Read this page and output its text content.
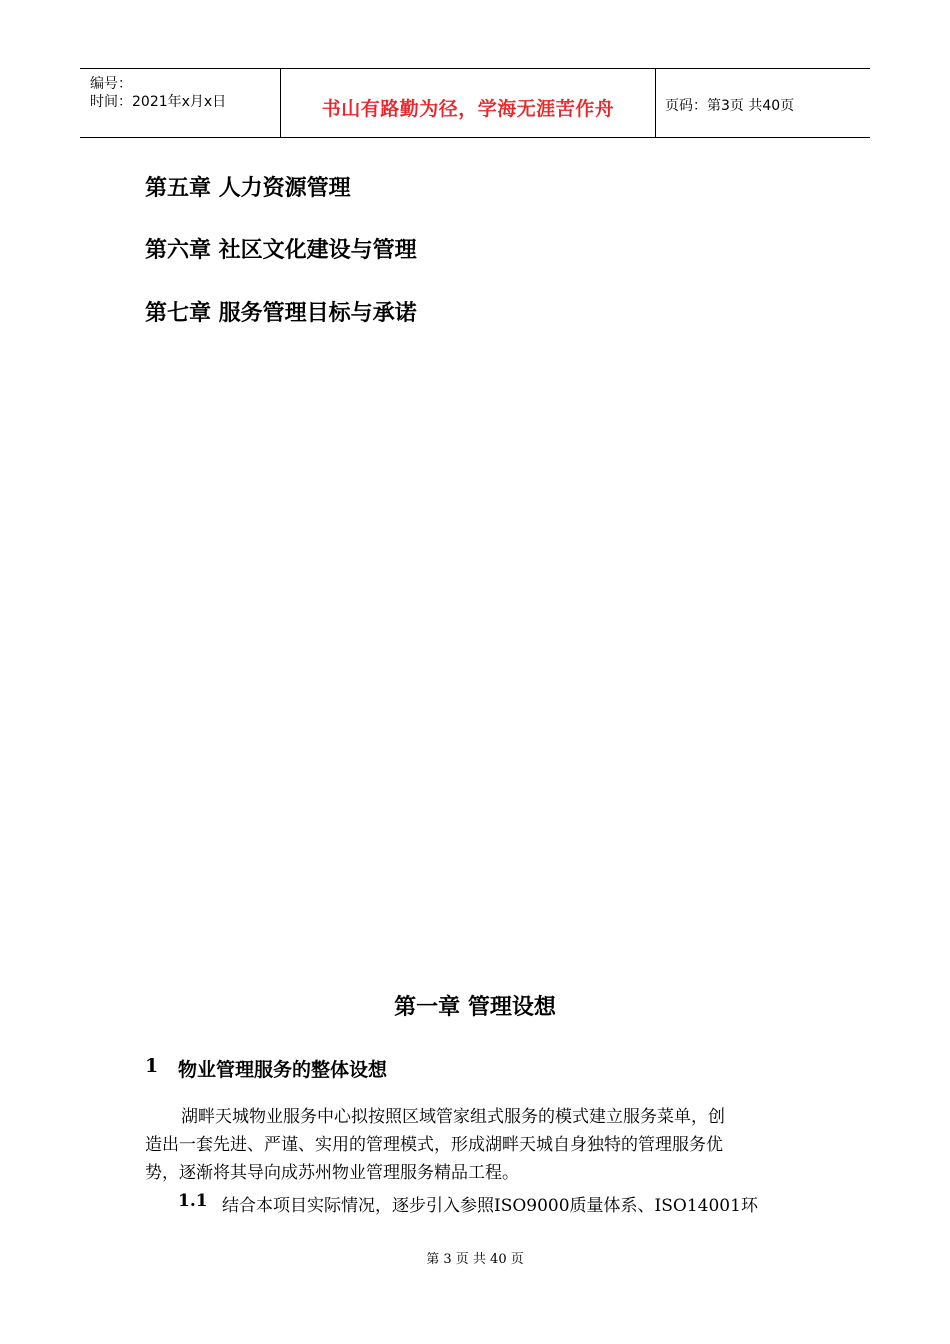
编号：
时间：2021年x月x日	书山有路勤为径，学海无涯苦作舟	页码：第3页 共40页
第五章 人力资源管理
第六章 社区文化建设与管理
第七章 服务管理目标与承诺
第一章 管理设想
1 物业管理服务的整体设想
湖畔天城物业服务中心拟按照区域管家组式服务的模式建立服务菜单，创
造出一套先进、严谨、实用的管理模式，形成湖畔天城自身独特的管理服务优
势，逐渐将其导向成苏州物业管理服务精品工程。
1.1 结合本项目实际情况，逐步引入参照ISO9000质量体系、ISO14001环
第 3 页 共 40 页
